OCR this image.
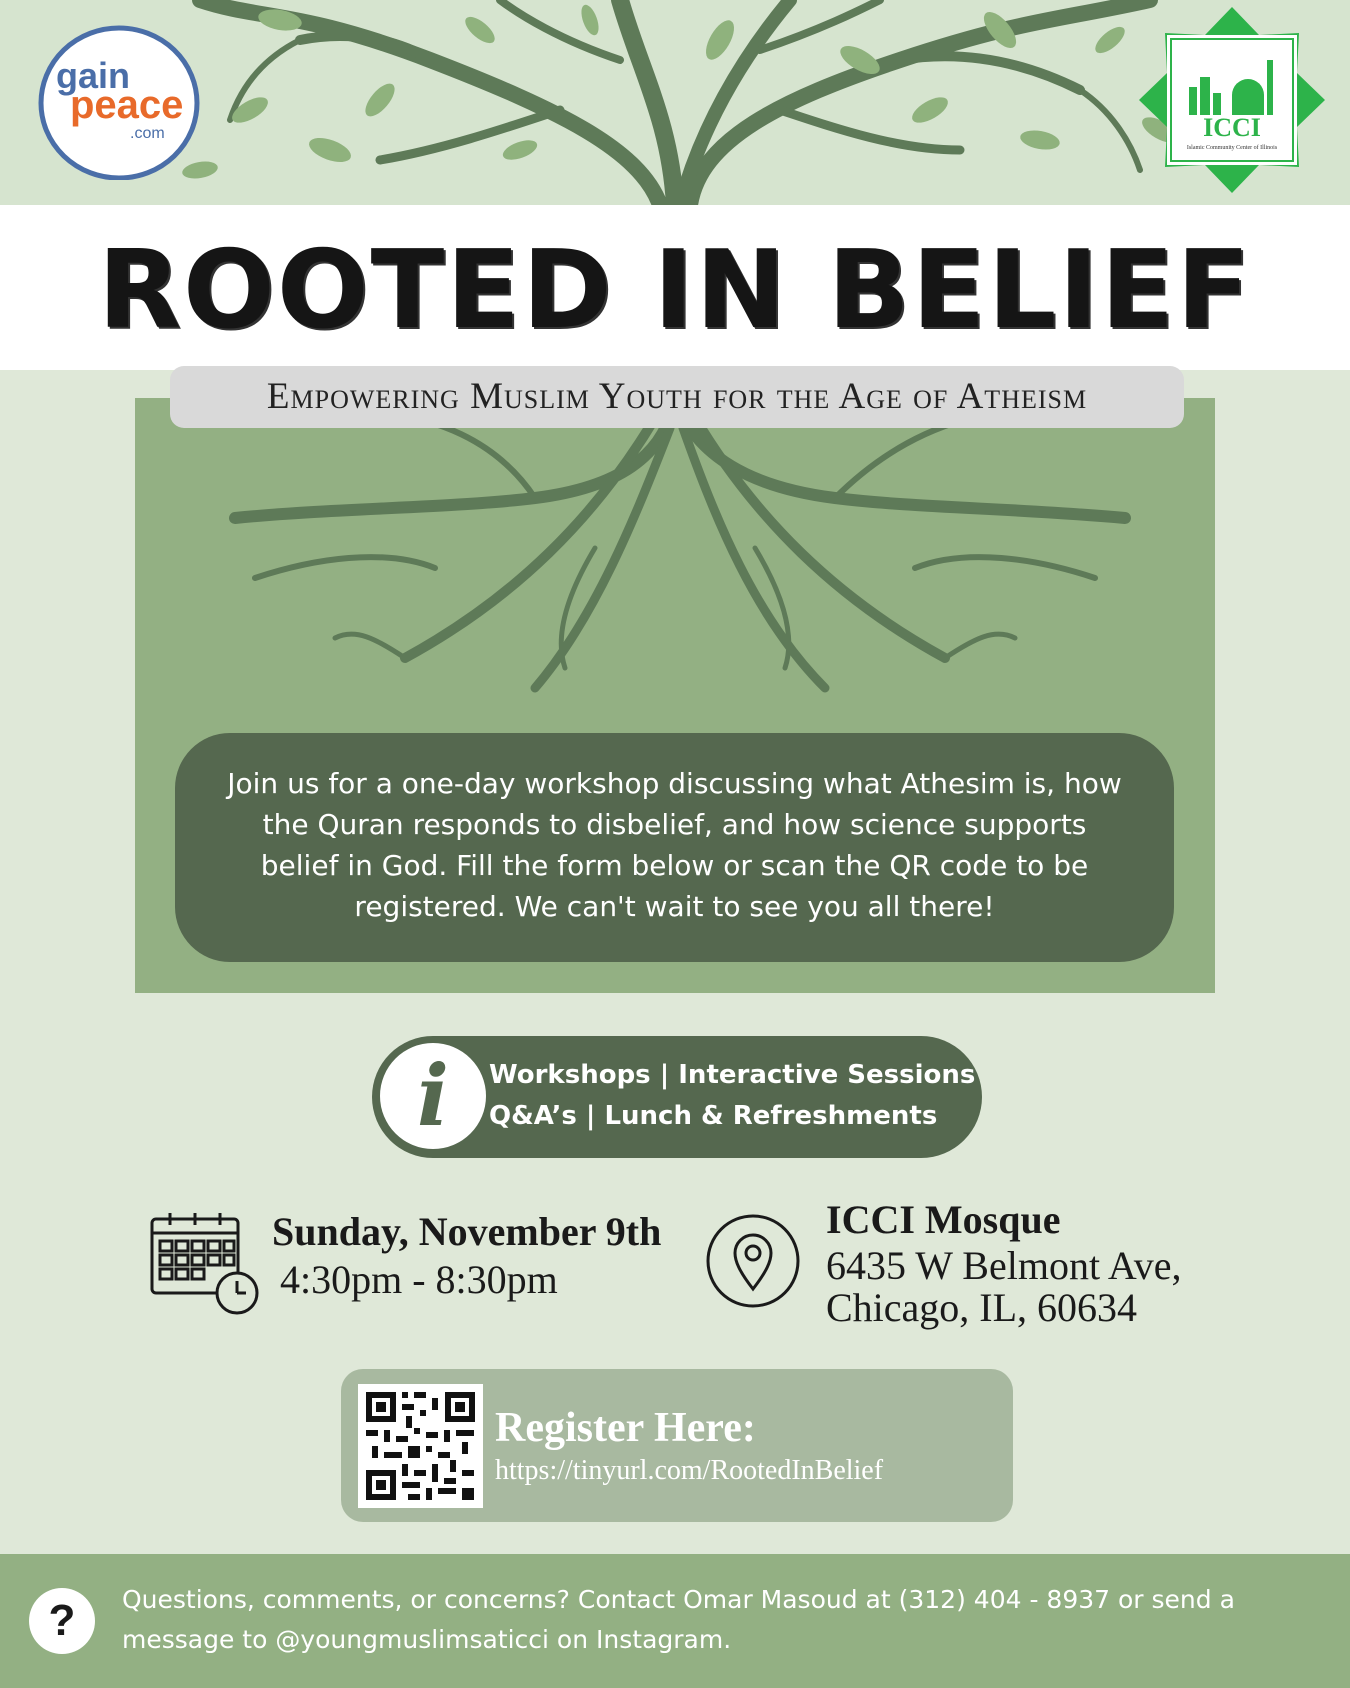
gain
peace
.com	ICCI
Islamic Community Center of Illinois
ROOTED IN BELIEF
Empowering Muslim Youth for the Age of Atheism
Join us for a one-day workshop discussing what Athesim is, how the Quran responds to disbelief, and how science supports belief in God. Fill the form below or scan the QR code to be registered. We can't wait to see you all there!
i	Workshops | Interactive Sessions
Q&A’s | Lunch & Refreshments
Sunday, November 9th
4:30pm - 8:30pm
ICCI Mosque
6435 W Belmont Ave,
Chicago, IL, 60634
Register Here:
https://tinyurl.com/RootedInBelief
?	Questions, comments, or concerns? Contact Omar Masoud at (312) 404 - 8937 or send a message to @youngmuslimsaticci on Instagram.
